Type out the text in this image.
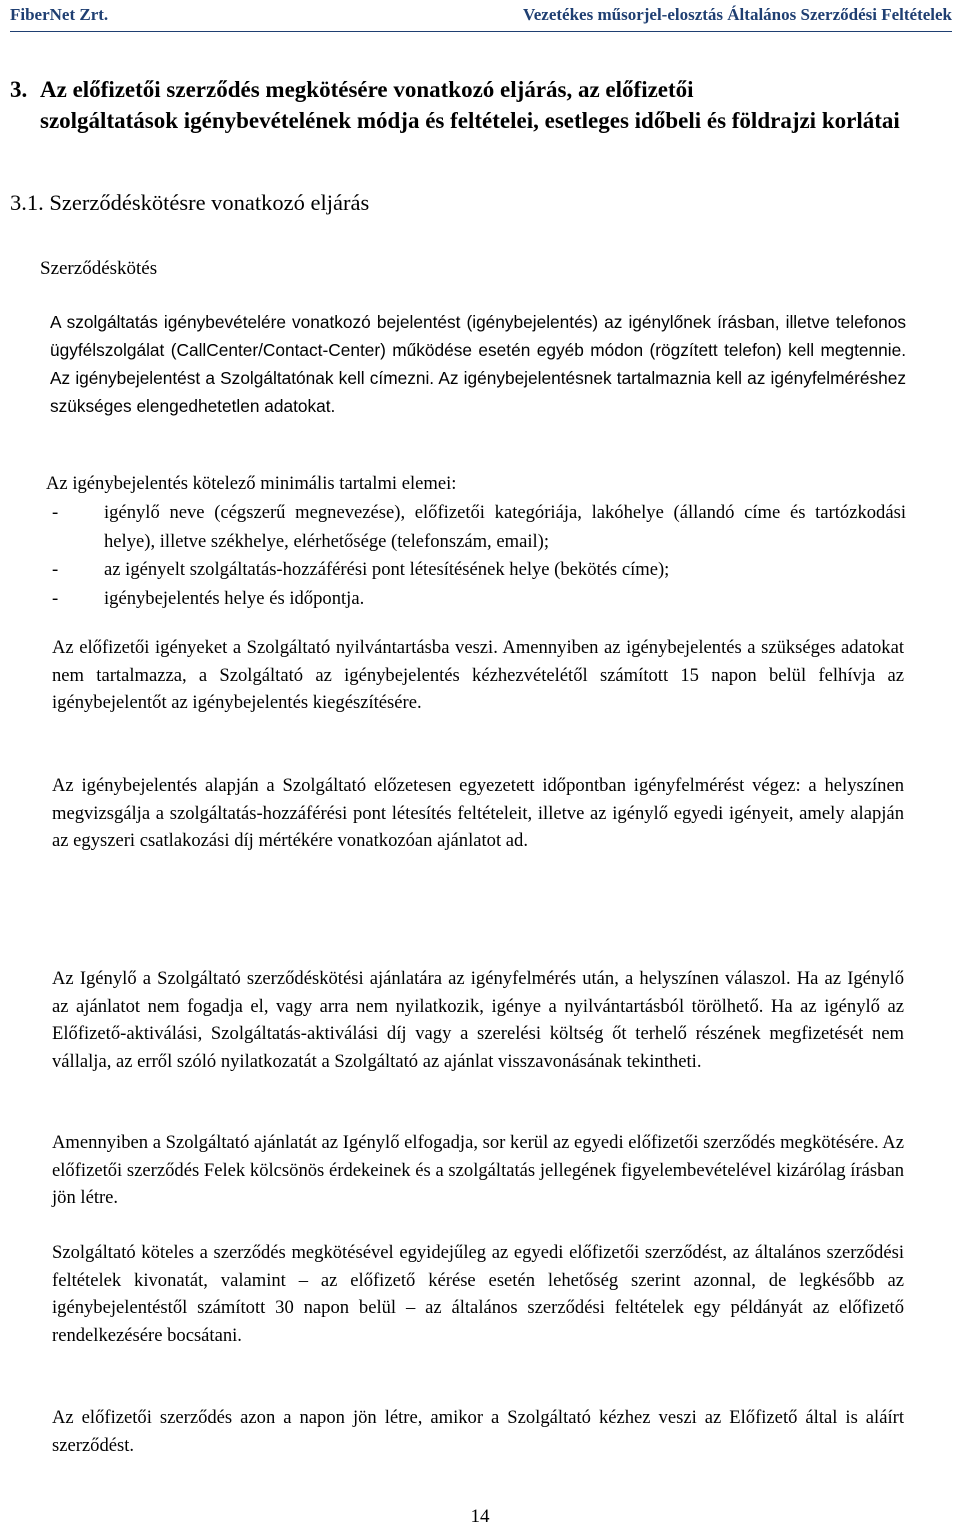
FiberNet Zrt.	Vezetékes műsorjel-elosztás Általános Szerződési Feltételek
3. Az előfizetői szerződés megkötésére vonatkozó eljárás, az előfizetői
szolgáltatások igénybevételének módja és feltételei, esetleges időbeli és földrajzi korlátai
3.1. Szerződéskötésre vonatkozó eljárás
Szerződéskötés
A szolgáltatás igénybevételére vonatkozó bejelentést (igénybejelentés) az igénylőnek írásban, illetve telefonos ügyfélszolgálat (CallCenter/Contact-Center) működése esetén egyéb módon (rögzített telefon) kell megtennie. Az igénybejelentést a Szolgáltatónak kell címezni. Az igénybejelentésnek tartalmaznia kell az igényfelméréshez szükséges elengedhetetlen adatokat.
Az igénybejelentés kötelező minimális tartalmi elemei:
- igénylő neve (cégszerű megnevezése), előfizetői kategóriája, lakóhelye (állandó címe és tartózkodási helye), illetve székhelye, elérhetősége (telefonszám, email);
- az igényelt szolgáltatás-hozzáférési pont létesítésének helye (bekötés címe);
- igénybejelentés helye és időpontja.
Az előfizetői igényeket a Szolgáltató nyilvántartásba veszi. Amennyiben az igénybejelentés a szükséges adatokat nem tartalmazza, a Szolgáltató az igénybejelentés kézhezvételétől számított 15 napon belül felhívja az igénybejelentőt az igénybejelentés kiegészítésére.
Az igénybejelentés alapján a Szolgáltató előzetesen egyezetett időpontban igényfelmérést végez: a helyszínen megvizsgálja a szolgáltatás-hozzáférési pont létesítés feltételeit, illetve az igénylő egyedi igényeit, amely alapján az egyszeri csatlakozási díj mértékére vonatkozóan ajánlatot ad.
Az Igénylő a Szolgáltató szerződéskötési ajánlatára az igényfelmérés után, a helyszínen válaszol. Ha az Igénylő az ajánlatot nem fogadja el, vagy arra nem nyilatkozik, igénye a nyilvántartásból törölhető. Ha az igénylő az Előfizető-aktiválási, Szolgáltatás-aktiválási díj vagy a szerelési költség őt terhelő részének megfizetését nem vállalja, az erről szóló nyilatkozatát a Szolgáltató az ajánlat visszavonásának tekintheti.
Amennyiben a Szolgáltató ajánlatát az Igénylő elfogadja, sor kerül az egyedi előfizetői szerződés megkötésére. Az előfizetői szerződés Felek kölcsönös érdekeinek és a szolgáltatás jellegének figyelembevételével kizárólag írásban jön létre.
Szolgáltató köteles a szerződés megkötésével egyidejűleg az egyedi előfizetői szerződést, az általános szerződési feltételek kivonatát, valamint – az előfizető kérése esetén lehetőség szerint azonnal, de legkésőbb az igénybejelentéstől számított 30 napon belül – az általános szerződési feltételek egy példányát az előfizető rendelkezésére bocsátani.
Az előfizetői szerződés azon a napon jön létre, amikor a Szolgáltató kézhez veszi az Előfizető által is aláírt szerződést.
14
